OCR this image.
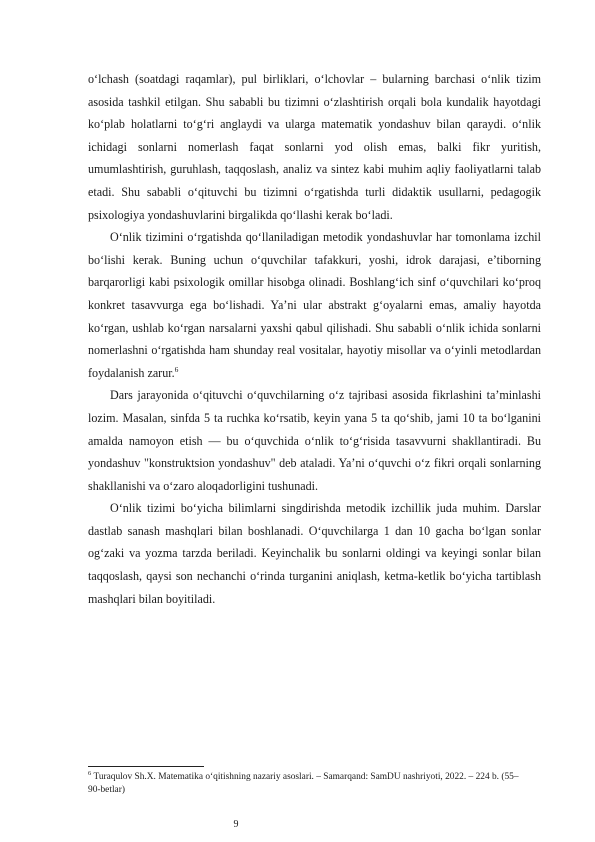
o‘lchash (soatdagi raqamlar), pul birliklari, o‘lchovlar – bularning barchasi o‘nlik tizim asosida tashkil etilgan. Shu sababli bu tizimni o‘zlashtirish orqali bola kundalik hayotdagi ko‘plab holatlarni to‘g‘ri anglaydi va ularga matematik yondashuv bilan qaraydi. o‘nlik ichidagi sonlarni nomerlash faqat sonlarni yod olish emas, balki fikr yuritish, umumlashtirish, guruhlash, taqqoslash, analiz va sintez kabi muhim aqliy faoliyatlarni talab etadi. Shu sababli o‘qituvchi bu tizimni o‘rgatishda turli didaktik usullarni, pedagogik psixologiya yondashuvlarini birgalikda qo‘llashi kerak bo‘ladi.

O‘nlik tizimini o‘rgatishda qo‘llaniladigan metodik yondashuvlar har tomonlama izchil bo‘lishi kerak. Buning uchun o‘quvchilar tafakkuri, yoshi, idrok darajasi, e’tiborning barqarorligi kabi psixologik omillar hisobga olinadi. Boshlang‘ich sinf o‘quvchilari ko‘proq konkret tasavvurga ega bo‘lishadi. Ya’ni ular abstrakt g‘oyalarni emas, amaliy hayotda ko‘rgan, ushlab ko‘rgan narsalarni yaxshi qabul qilishadi. Shu sababli o‘nlik ichida sonlarni nomerlashni o‘rgatishda ham shunday real vositalar, hayotiy misollar va o‘yinli metodlardan foydalanish zarur.$^6$

Dars jarayonida o‘qituvchi o‘quvchilarning o‘z tajribasi asosida fikrlashini ta’minlashi lozim. Masalan, sinfda 5 ta ruchka ko‘rsatib, keyin yana 5 ta qo‘shib, jami 10 ta bo‘lganini amalda namoyon etish — bu o‘quvchida o‘nlik to‘g‘risida tasavvurni shakllantiradi. Bu yondashuv "konstruktsion yondashuv" deb ataladi. Ya’ni o‘quvchi o‘z fikri orqali sonlarning shakllanishi va o‘zaro aloqadorligini tushunadi.

O‘nlik tizimi bo‘yicha bilimlarni singdirishda metodik izchillik juda muhim. Darslar dastlab sanash mashqlari bilan boshlanadi. O‘quvchilarga 1 dan 10 gacha bo‘lgan sonlar og‘zaki va yozma tarzda beriladi. Keyinchalik bu sonlarni oldingi va keyingi sonlar bilan taqqoslash, qaysi son nechanchi o‘rinda turganini aniqlash, ketma-ketlik bo‘yicha tartiblash mashqlari bilan boyitiladi.

$^6$ Turaqulov Sh.X. Matematika o‘qitishning nazariy asoslari. – Samarqand: SamDU nashriyoti, 2022. – 224 b. (55–90-betlar)
9
